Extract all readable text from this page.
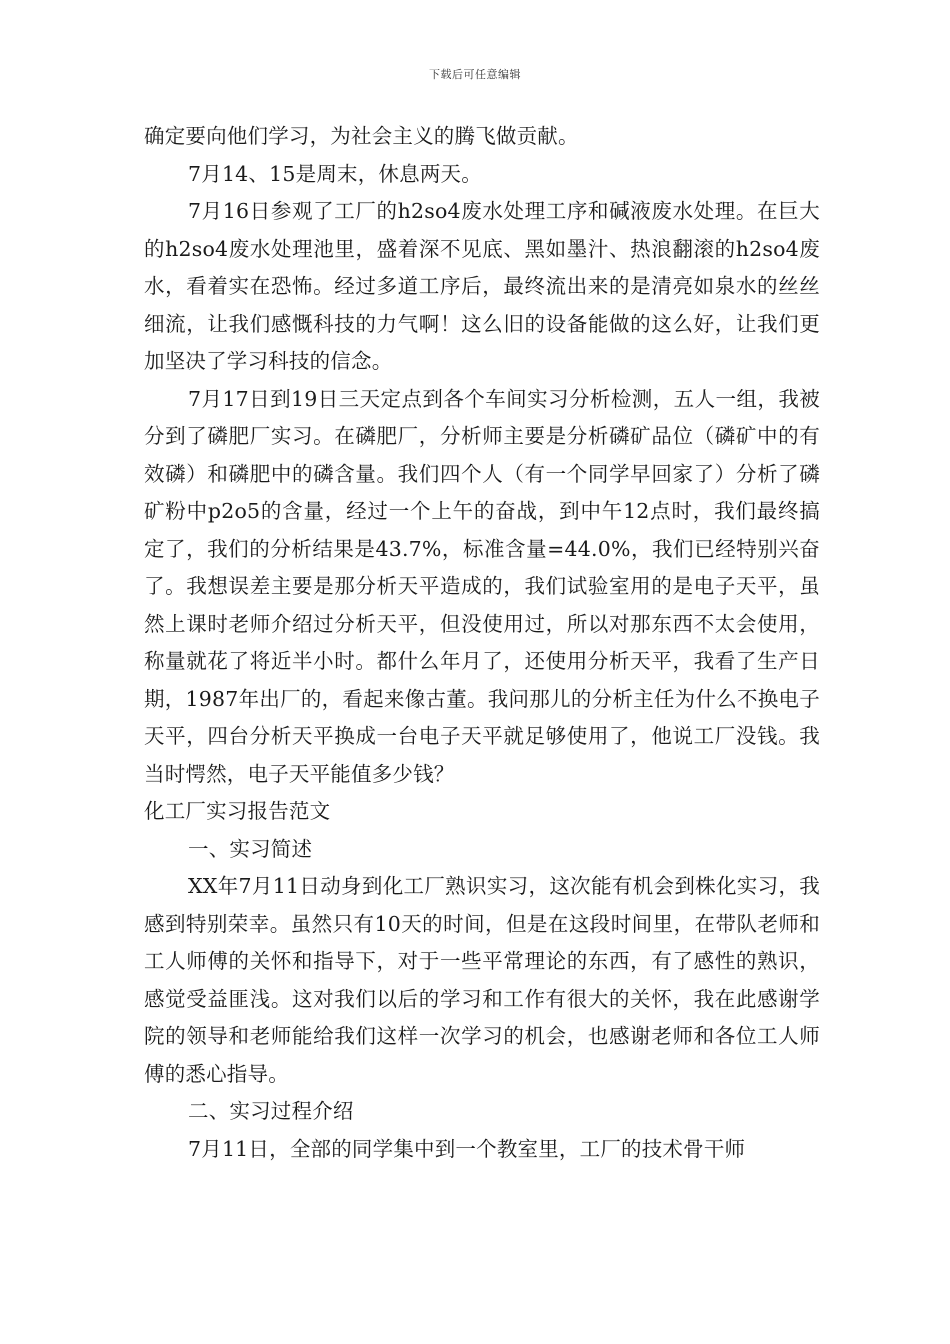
下载后可任意编辑

确定要向他们学习，为社会主义的腾飞做贡献。

7月14、15是周末，休息两天。

7月16日参观了工厂的h2so4废水处理工序和碱液废水处理。在巨大的h2so4废水处理池里，盛着深不见底、黑如墨汁、热浪翻滚的h2so4废水，看着实在恐怖。经过多道工序后，最终流出来的是清亮如泉水的丝丝细流，让我们感慨科技的力气啊！这么旧的设备能做的这么好，让我们更加坚决了学习科技的信念。

7月17日到19日三天定点到各个车间实习分析检测，五人一组，我被分到了磷肥厂实习。在磷肥厂，分析师主要是分析磷矿品位（磷矿中的有效磷）和磷肥中的磷含量。我们四个人（有一个同学早回家了）分析了磷矿粉中p2o5的含量，经过一个上午的奋战，到中午12点时，我们最终搞定了，我们的分析结果是43.7%，标准含量=44.0%，我们已经特别兴奋了。我想误差主要是那分析天平造成的，我们试验室用的是电子天平，虽然上课时老师介绍过分析天平，但没使用过，所以对那东西不太会使用，称量就花了将近半小时。都什么年月了，还使用分析天平，我看了生产日期，1987年出厂的，看起来像古董。我问那儿的分析主任为什么不换电子天平，四台分析天平换成一台电子天平就足够使用了，他说工厂没钱。我当时愕然，电子天平能值多少钱？

化工厂实习报告范文

一、实习简述

XX年7月11日动身到化工厂熟识实习，这次能有机会到株化实习，我感到特别荣幸。虽然只有10天的时间，但是在这段时间里，在带队老师和工人师傅的关怀和指导下，对于一些平常理论的东西，有了感性的熟识，感觉受益匪浅。这对我们以后的学习和工作有很大的关怀，我在此感谢学院的领导和老师能给我们这样一次学习的机会，也感谢老师和各位工人师傅的悉心指导。

二、实习过程介绍

7月11日，全部的同学集中到一个教室里，工厂的技术骨干师
